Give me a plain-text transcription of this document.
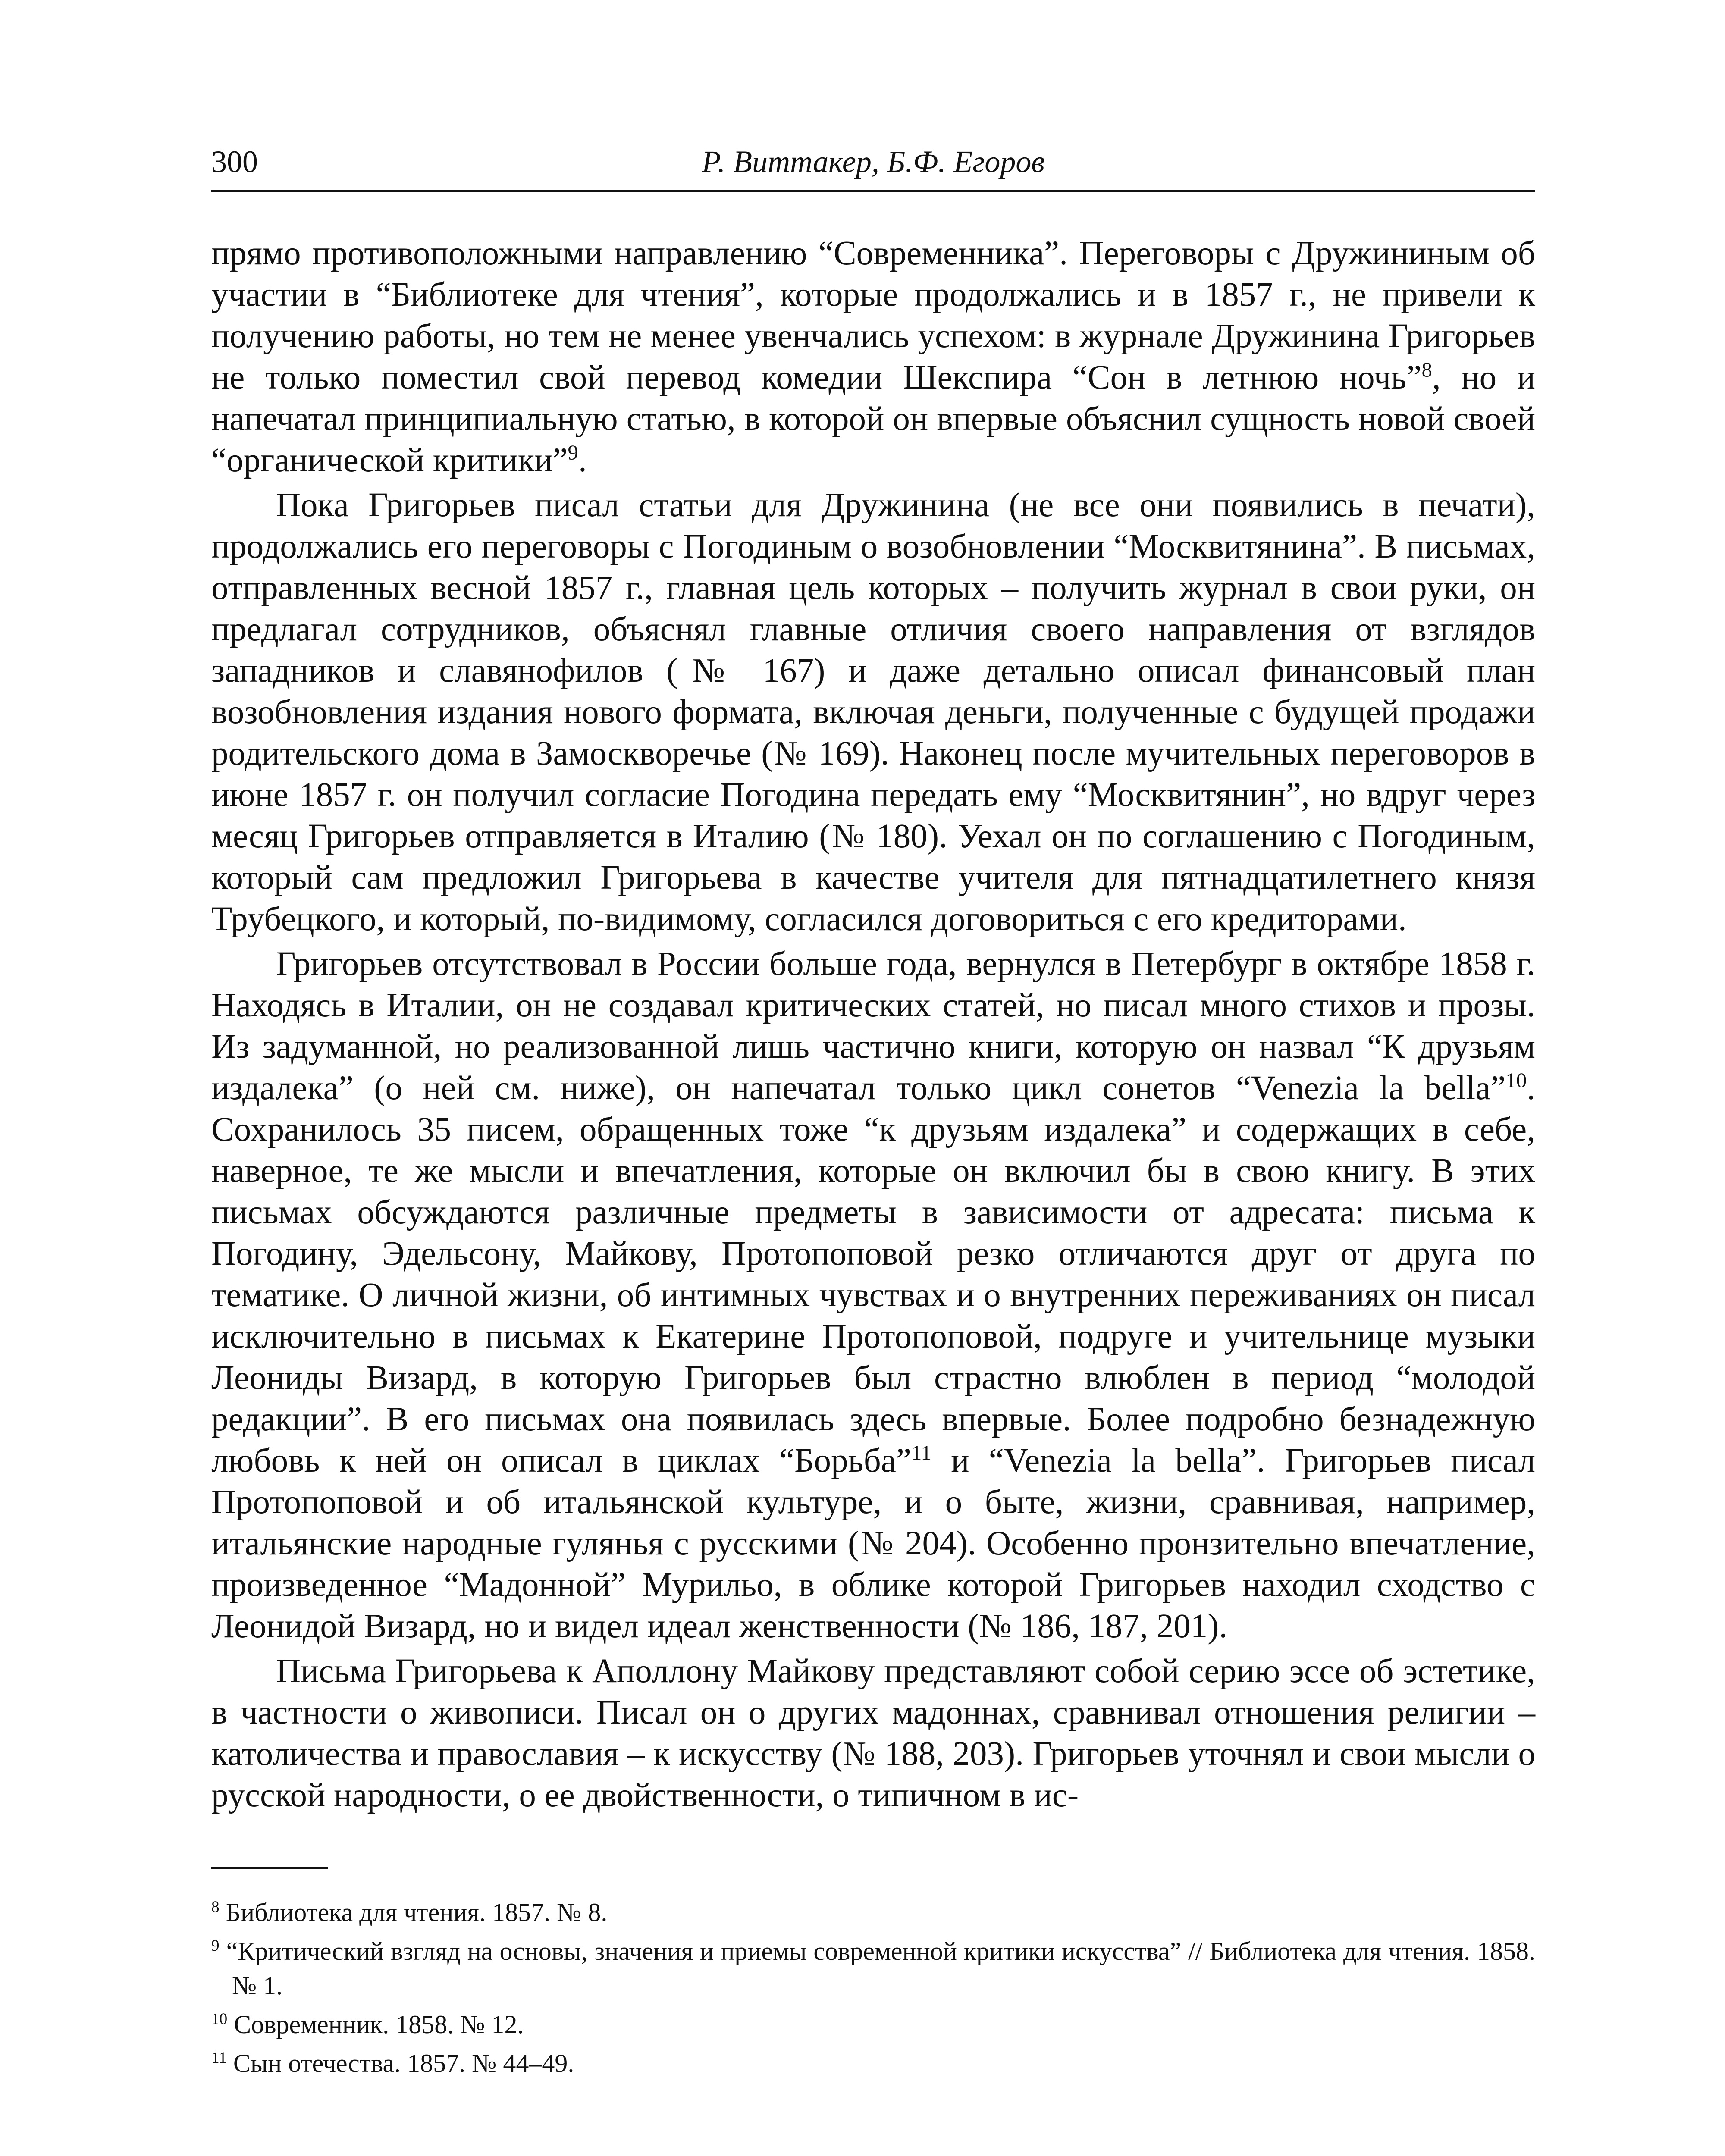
300	Р. Виттакер, Б.Ф. Егоров

прямо противоположными направлению “Современника”. Переговоры с Дружининым об участии в “Библиотеке для чтения”, которые продолжались и в 1857 г., не привели к получению работы, но тем не менее увенчались успехом: в журнале Дружинина Григорьев не только поместил свой перевод комедии Шекспира “Сон в летнюю ночь”$^8$, но и напечатал принципиальную статью, в которой он впервые объяснил сущность новой своей “органической критики”$^9$.

Пока Григорьев писал статьи для Дружинина (не все они появились в печати), продолжались его переговоры с Погодиным о возобновлении “Москвитянина”. В письмах, отправленных весной 1857 г., главная цель которых – получить журнал в свои руки, он предлагал сотрудников, объяснял главные отличия своего направления от взглядов западников и славянофилов (№ 167) и даже детально описал финансовый план возобновления издания нового формата, включая деньги, полученные с будущей продажи родительского дома в Замоскворечье (№ 169). Наконец после мучительных переговоров в июне 1857 г. он получил согласие Погодина передать ему “Москвитянин”, но вдруг через месяц Григорьев отправляется в Италию (№ 180). Уехал он по соглашению с Погодиным, который сам предложил Григорьева в качестве учителя для пятнадцатилетнего князя Трубецкого, и который, по-видимому, согласился договориться с его кредиторами.

Григорьев отсутствовал в России больше года, вернулся в Петербург в октябре 1858 г. Находясь в Италии, он не создавал критических статей, но писал много стихов и прозы. Из задуманной, но реализованной лишь частично книги, которую он назвал “К друзьям издалека” (о ней см. ниже), он напечатал только цикл сонетов “Venezia la bella”$^{10}$. Сохранилось 35 писем, обращенных тоже “к друзьям издалека” и содержащих в себе, наверное, те же мысли и впечатления, которые он включил бы в свою книгу. В этих письмах обсуждаются различные предметы в зависимости от адресата: письма к Погодину, Эдельсону, Майкову, Протопоповой резко отличаются друг от друга по тематике. О личной жизни, об интимных чувствах и о внутренних переживаниях он писал исключительно в письмах к Екатерине Протопоповой, подруге и учительнице музыки Леониды Визард, в которую Григорьев был страстно влюблен в период “молодой редакции”. В его письмах она появилась здесь впервые. Более подробно безнадежную любовь к ней он описал в циклах “Борьба”$^{11}$ и “Venezia la bella”. Григорьев писал Протопоповой и об итальянской культуре, и о быте, жизни, сравнивая, например, итальянские народные гулянья с русскими (№ 204). Особенно пронзительно впечатление, произведенное “Мадонной” Мурильо, в облике которой Григорьев находил сходство с Леонидой Визард, но и видел идеал женственности (№ 186, 187, 201).

Письма Григорьева к Аполлону Майкову представляют собой серию эссе об эстетике, в частности о живописи. Писал он о других мадоннах, сравнивал отношения религии – католичества и православия – к искусству (№ 188, 203). Григорьев уточнял и свои мысли о русской народности, о ее двойственности, о типичном в ис-

$^8$ Библиотека для чтения. 1857. № 8.
$^9$ “Критический взгляд на основы, значения и приемы современной критики искусства” // Библиотека для чтения. 1858. № 1.
$^{10}$ Современник. 1858. № 12.
$^{11}$ Сын отечества. 1857. № 44–49.
